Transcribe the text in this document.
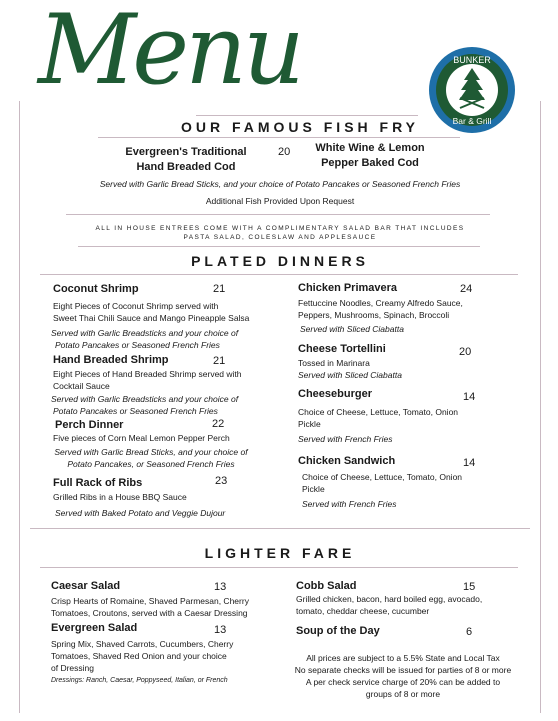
Menu	BUNKER
Bar & Grill
OUR FAMOUS FISH FRY
Evergreen's Traditional
Hand Breaded Cod
20	White Wine & Lemon
Pepper Baked Cod
Served with Garlic Bread Sticks, and your choice of Potato Pancakes or Seasoned French Fries
Additional Fish Provided Upon Request
ALL IN HOUSE ENTREES COME WITH A COMPLIMENTARY SALAD BAR THAT INCLUDES
PASTA SALAD, COLESLAW AND APPLESAUCE
PLATED DINNERS
Coconut Shrimp	21
Eight Pieces of Coconut Shrimp served with
Sweet Thai Chili Sauce and Mango Pineapple Salsa
Served with Garlic Breadsticks and your choice of
Potato Pancakes or Seasoned French Fries
Hand Breaded Shrimp	21
Eight Pieces of Hand Breaded Shrimp served with
Cocktail Sauce
Served with Garlic Breadsticks and your choice of
Potato Pancakes or Seasoned French Fries
Perch Dinner	22
Five pieces of Corn Meal Lemon Pepper Perch
Served with Garlic Bread Sticks, and your choice of
Potato Pancakes, or Seasoned French Fries
Full Rack of Ribs	23
Grilled Ribs in a House BBQ Sauce
Served with Baked Potato and Veggie Dujour
Chicken Primavera	24
Fettuccine Noodles, Creamy Alfredo Sauce,
Peppers, Mushrooms, Spinach, Broccoli
Served with Sliced Ciabatta
Cheese Tortellini	20
Tossed in Marinara
Served with Sliced Ciabatta
Cheeseburger	14
Choice of Cheese, Lettuce, Tomato, Onion
Pickle
Served with French Fries
Chicken Sandwich	14
Choice of Cheese, Lettuce, Tomato, Onion
Pickle
Served with French Fries
LIGHTER FARE
Caesar Salad	13
Crisp Hearts of Romaine, Shaved Parmesan, Cherry
Tomatoes, Croutons, served with a Caesar Dressing
Evergreen Salad	13
Spring Mix, Shaved Carrots, Cucumbers, Cherry
Tomatoes, Shaved Red Onion and your choice
of Dressing
Dressings: Ranch, Caesar, Poppyseed, Italian, or French
Cobb Salad	15
Grilled chicken, bacon, hard boiled egg, avocado,
tomato, cheddar cheese, cucumber
Soup of the Day	6
All prices are subject to a 5.5% State and Local Tax
No separate checks will be issued for parties of 8 or more
A per check service charge of 20% can be added to
groups of 8 or more
